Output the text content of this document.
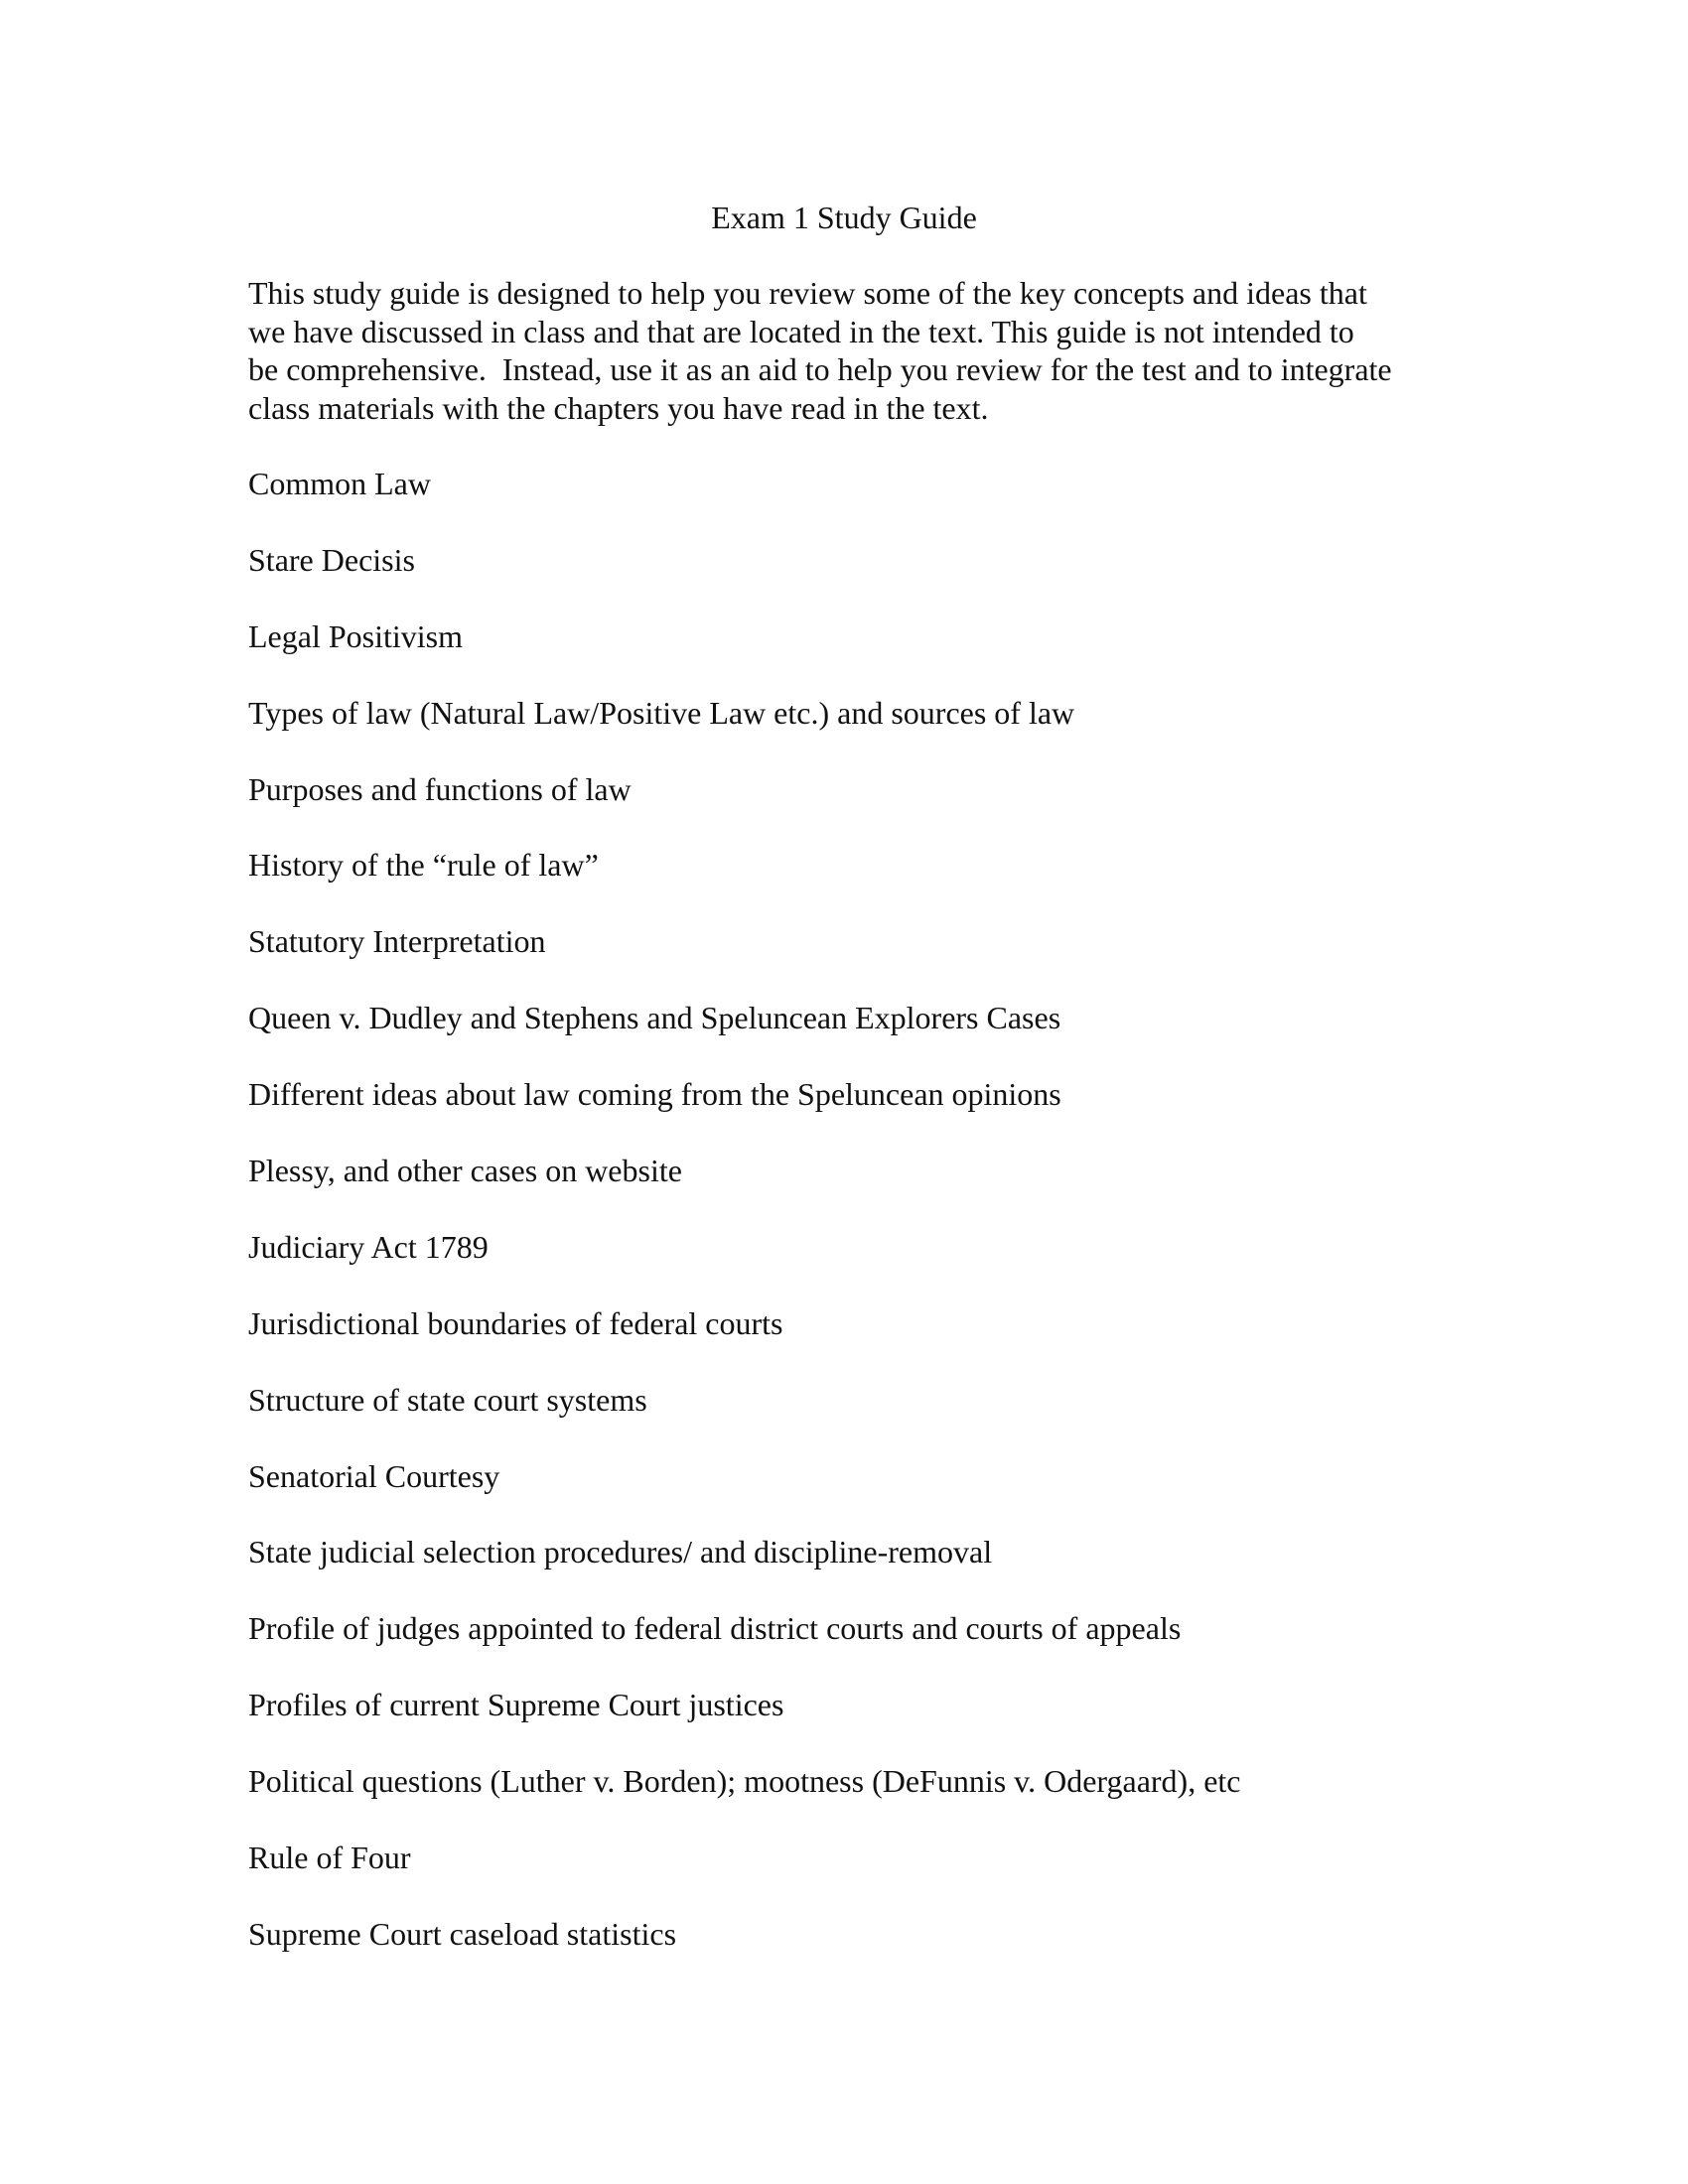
Exam 1 Study Guide
This study guide is designed to help you review some of the key concepts and ideas that
we have discussed in class and that are located in the text. This guide is not intended to
be comprehensive.  Instead, use it as an aid to help you review for the test and to integrate
class materials with the chapters you have read in the text.
Common Law
Stare Decisis
Legal Positivism
Types of law (Natural Law/Positive Law etc.) and sources of law
Purposes and functions of law
History of the “rule of law”
Statutory Interpretation
Queen v. Dudley and Stephens and Speluncean Explorers Cases
Different ideas about law coming from the Speluncean opinions
Plessy, and other cases on website
Judiciary Act 1789
Jurisdictional boundaries of federal courts
Structure of state court systems
Senatorial Courtesy
State judicial selection procedures/ and discipline-removal
Profile of judges appointed to federal district courts and courts of appeals
Profiles of current Supreme Court justices
Political questions (Luther v. Borden); mootness (DeFunnis v. Odergaard), etc
Rule of Four
Supreme Court caseload statistics
